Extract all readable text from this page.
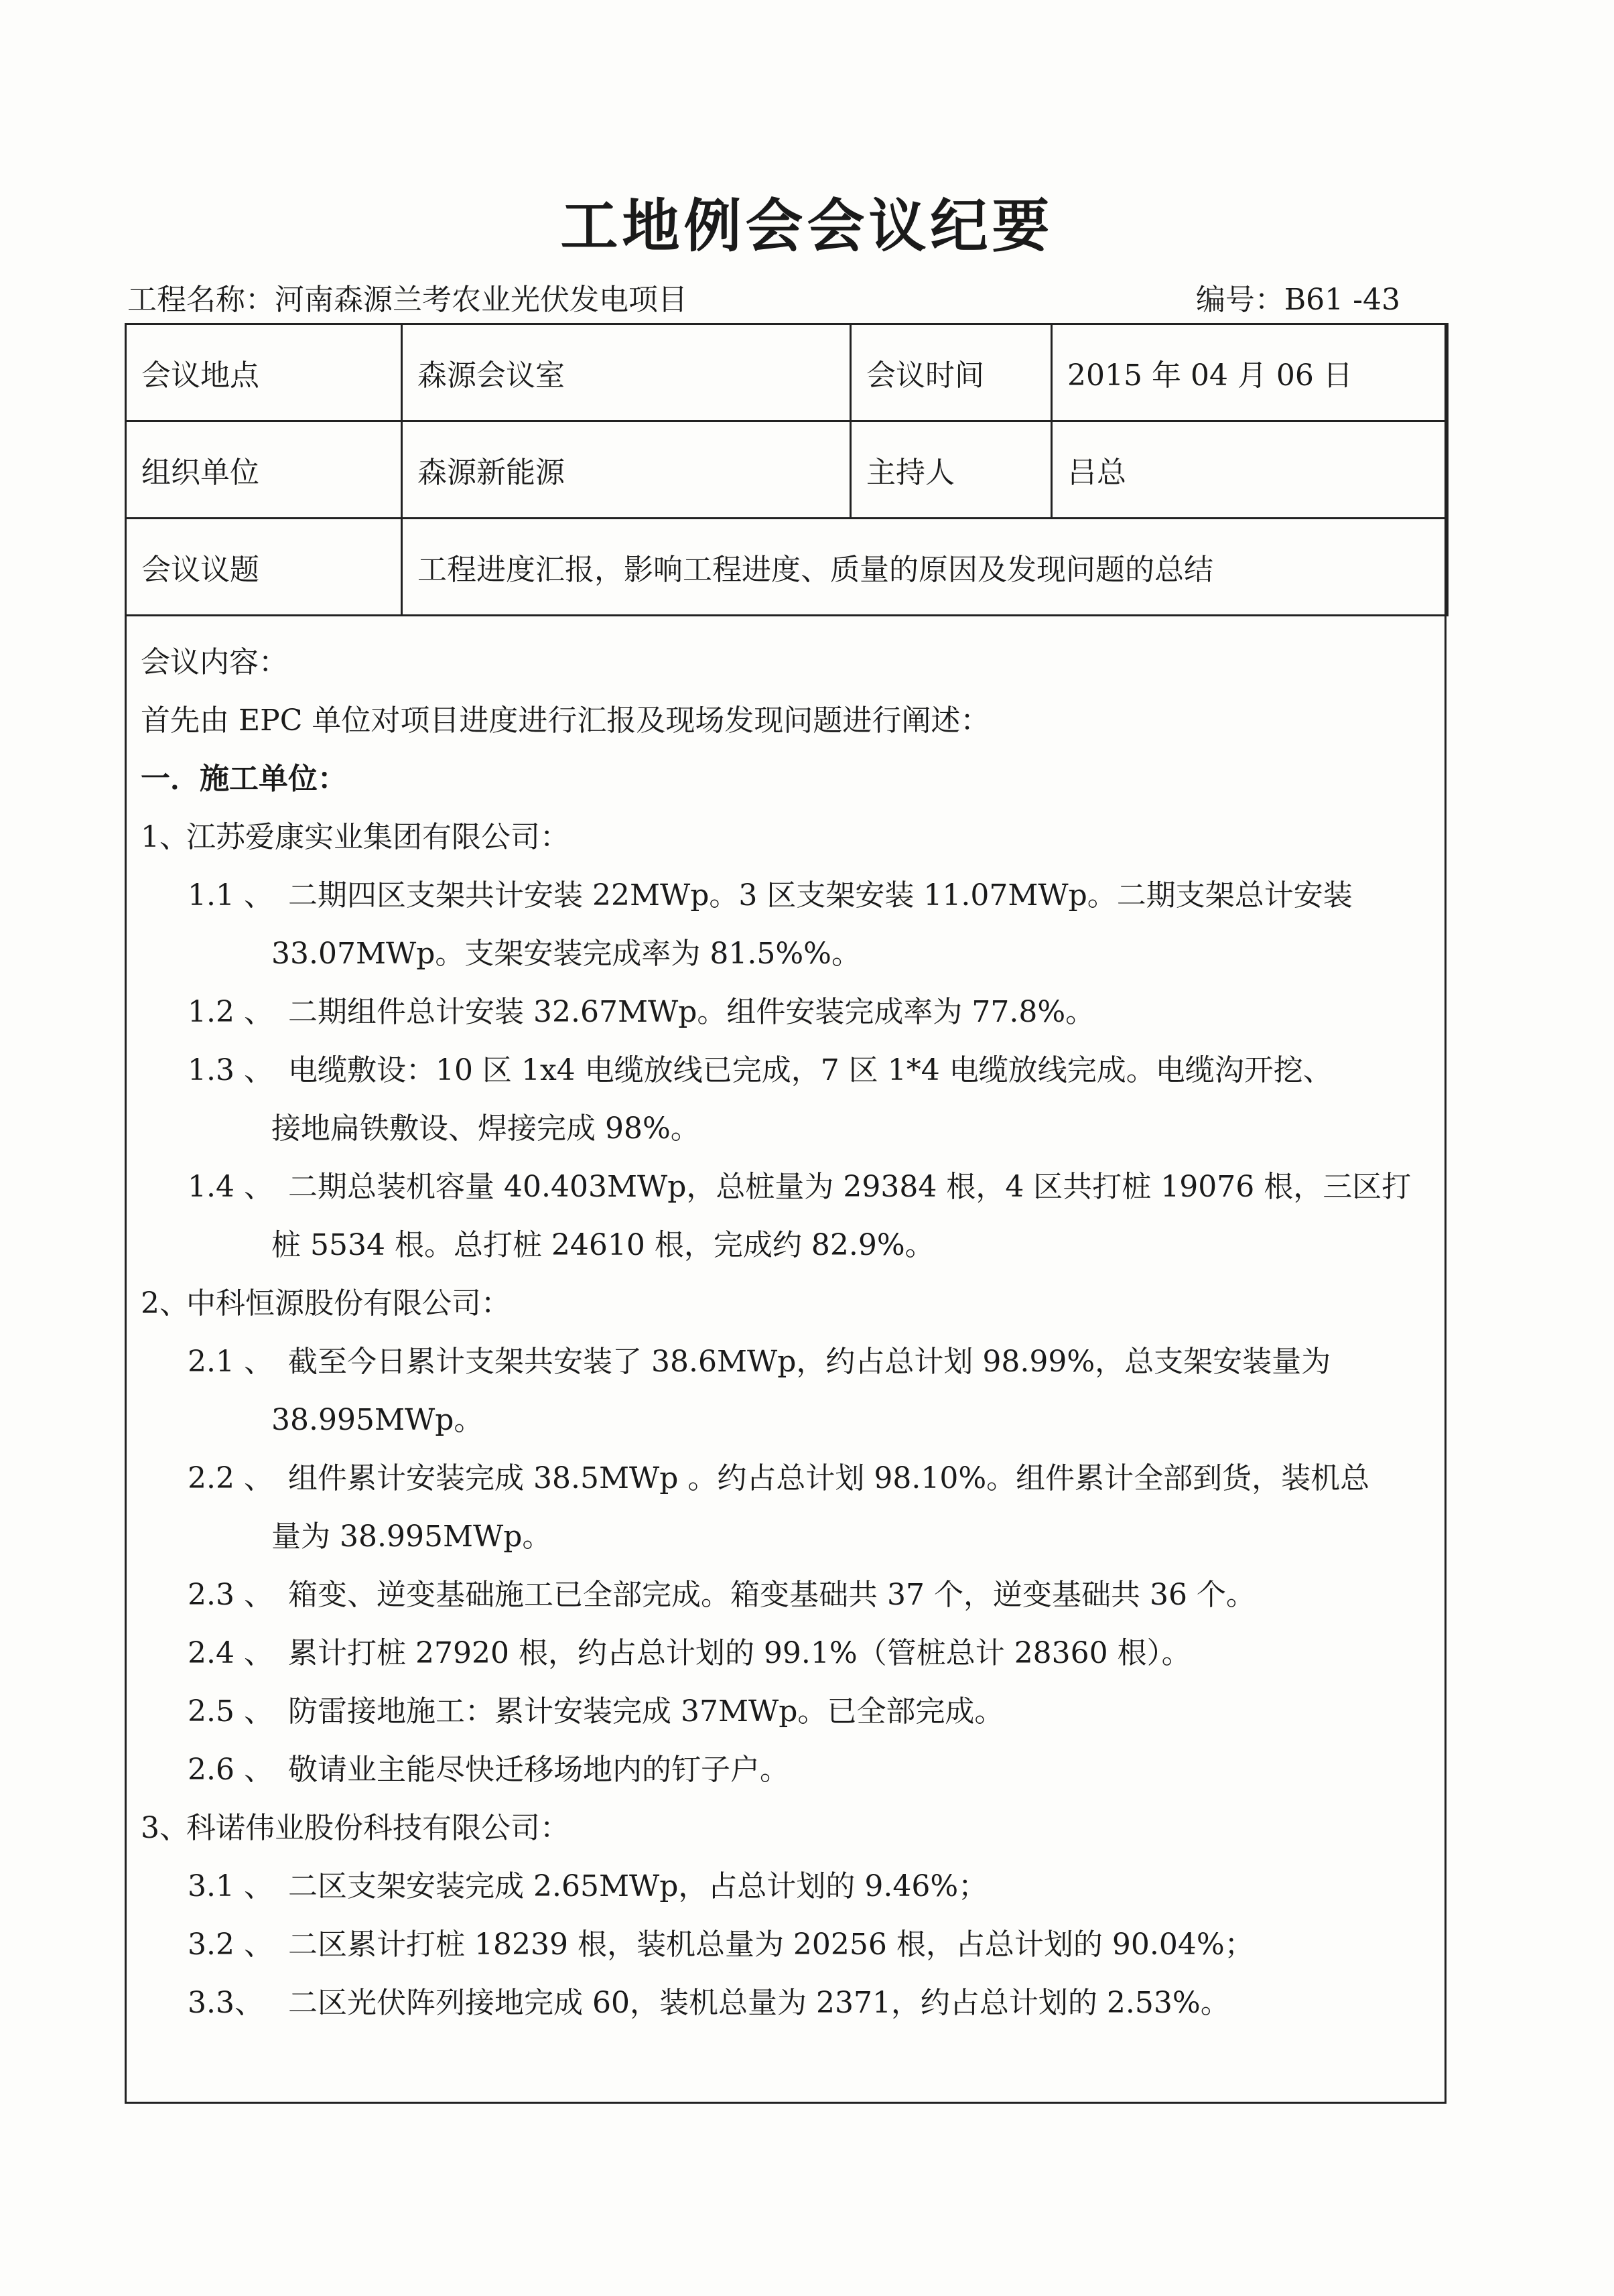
工地例会会议纪要
工程名称：河南森源兰考农业光伏发电项目	编号：B61 -43
会议地点	森源会议室	会议时间	2015 年 04 月 06 日
组织单位	森源新能源	主持人	吕总
会议议题	工程进度汇报，影响工程进度、质量的原因及发现问题的总结		
会议内容：
首先由 EPC 单位对项目进度进行汇报及现场发现问题进行阐述：
一．施工单位：
1、江苏爱康实业集团有限公司：
1.1 、 二期四区支架共计安装 22MWp。3 区支架安装 11.07MWp。二期支架总计安装
33.07MWp。支架安装完成率为 81.5%%。
1.2 、 二期组件总计安装 32.67MWp。组件安装完成率为 77.8%。
1.3 、 电缆敷设：10 区 1x4 电缆放线已完成，7 区 1*4 电缆放线完成。电缆沟开挖、
接地扁铁敷设、焊接完成 98%。
1.4 、 二期总装机容量 40.403MWp，总桩量为 29384 根，4 区共打桩 19076 根，三区打
桩 5534 根。总打桩 24610 根，完成约 82.9%。
2、中科恒源股份有限公司：
2.1 、 截至今日累计支架共安装了 38.6MWp，约占总计划 98.99%，总支架安装量为
38.995MWp。
2.2 、 组件累计安装完成 38.5MWp 。约占总计划 98.10%。组件累计全部到货，装机总
量为 38.995MWp。
2.3 、 箱变、逆变基础施工已全部完成。箱变基础共 37 个，逆变基础共 36 个。
2.4 、 累计打桩 27920 根，约占总计划的 99.1%（管桩总计 28360 根）。
2.5 、 防雷接地施工：累计安装完成 37MWp。已全部完成。
2.6 、 敬请业主能尽快迁移场地内的钉子户。
3、科诺伟业股份科技有限公司：
3.1 、 二区支架安装完成 2.65MWp，占总计划的 9.46%；
3.2 、 二区累计打桩 18239 根，装机总量为 20256 根，占总计划的 90.04%；
3.3、 二区光伏阵列接地完成 60，装机总量为 2371，约占总计划的 2.53%。
